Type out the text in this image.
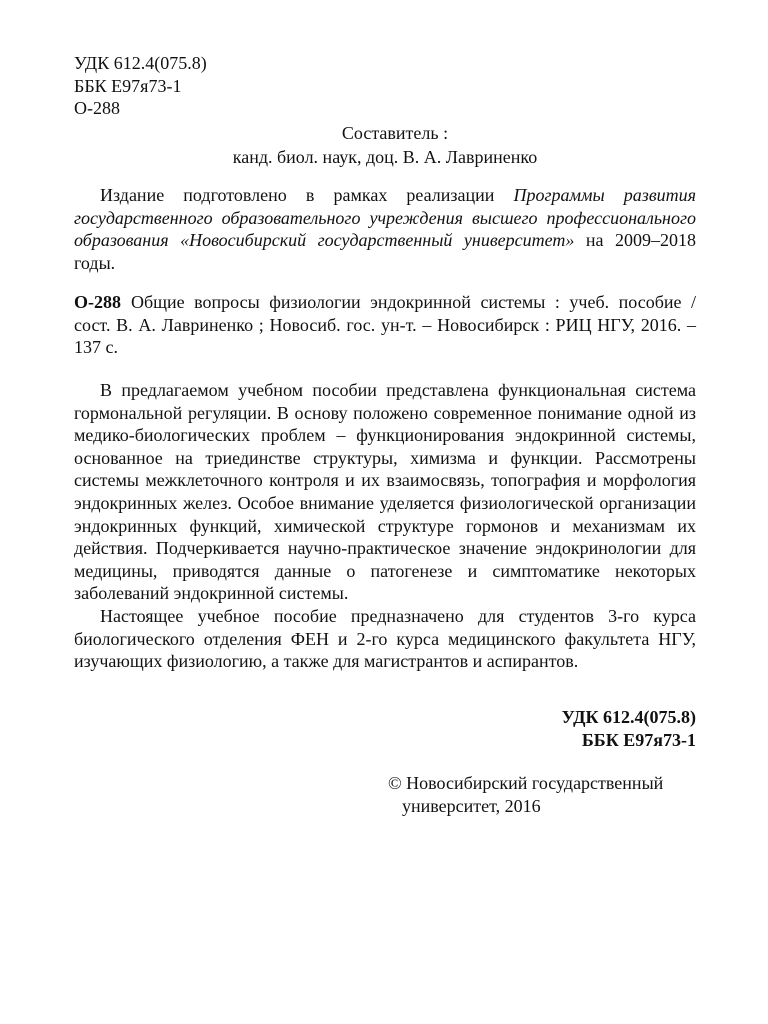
УДК 612.4(075.8)
ББК Е97я73-1
О-288
Составитель :
канд. биол. наук, доц. В. А. Лавриненко

Издание подготовлено в рамках реализации Программы развития государственного образовательного учреждения высшего профессионального образования «Новосибирский государственный университет» на 2009–2018 годы.

О-288 Общие вопросы физиологии эндокринной системы : учеб. пособие / сост. В. А. Лавриненко ; Новосиб. гос. ун-т. – Новосибирск : РИЦ НГУ, 2016. – 137 с.

В предлагаемом учебном пособии представлена функциональная система гормональной регуляции. В основу положено современное понимание одной из медико-биологических проблем – функционирования эндокринной системы, основанное на триединстве структуры, химизма и функции. Рассмотрены системы межклеточного контроля и их взаимосвязь, топография и морфология эндокринных желез. Особое внимание уделяется физиологической организации эндокринных функций, химической структуре гормонов и механизмам их действия. Подчеркивается научно-практическое значение эндокринологии для медицины, приводятся данные о патогенезе и симптоматике некоторых заболеваний эндокринной системы.

Настоящее учебное пособие предназначено для студентов 3-го курса биологического отделения ФЕН и 2-го курса медицинского факультета НГУ, изучающих физиологию, а также для магистрантов и аспирантов.

УДК 612.4(075.8)
ББК Е97я73-1
© Новосибирский государственный
университет, 2016
